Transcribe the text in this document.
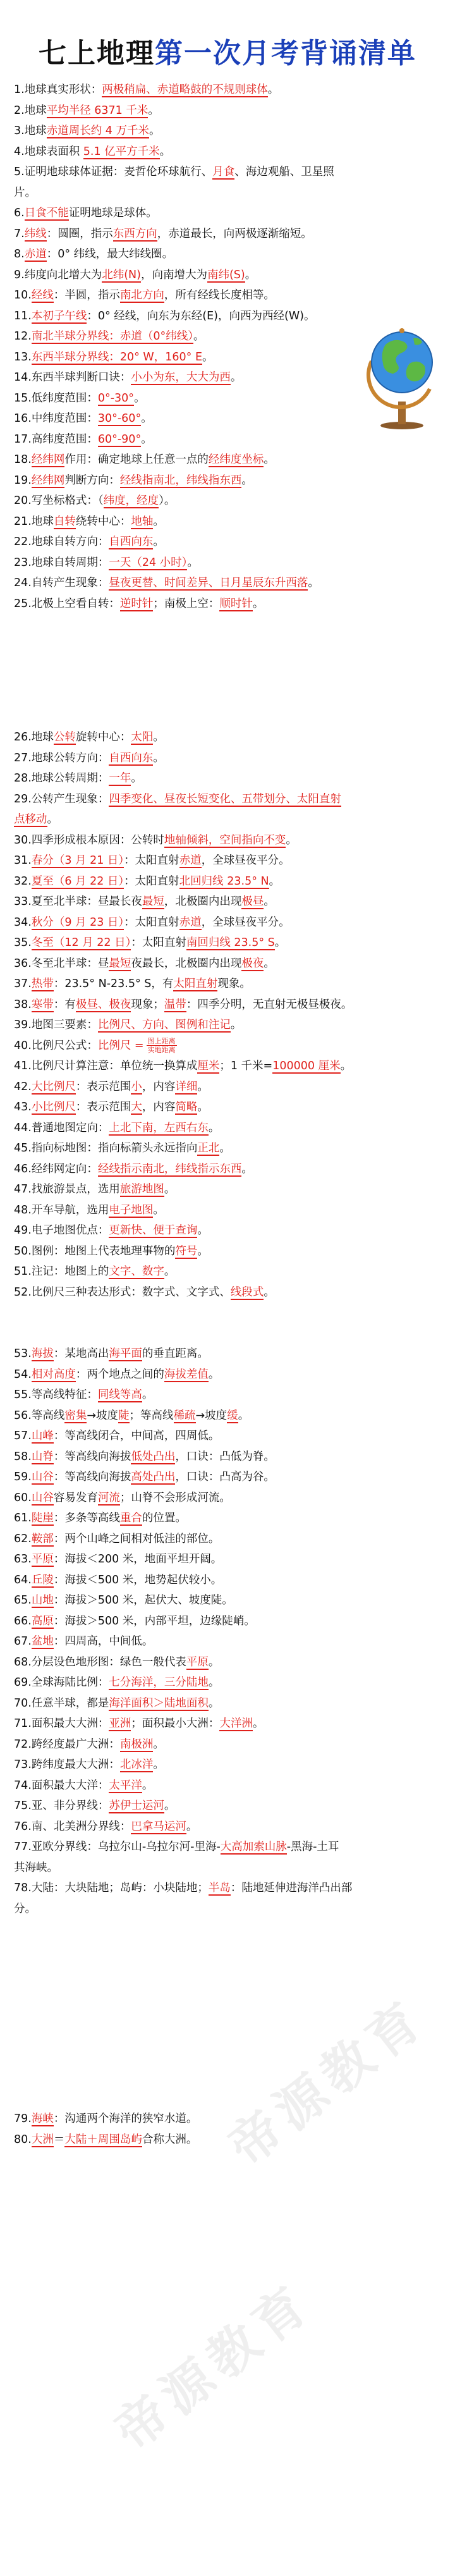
七上地理第一次月考背诵清单
帝源教育
帝源教育
1.地球真实形状：两极稍扁、赤道略鼓的不规则球体。
2.地球平均半径 6371 千米。
3.地球赤道周长约 4 万千米。
4.地球表面积 5.1 亿平方千米。
5.证明地球球体证据：麦哲伦环球航行、月食、海边观船、卫星照
片。
6.日食不能证明地球是球体。
7.纬线：圆圈，指示东西方向，赤道最长，向两极逐渐缩短。
8.赤道：0° 纬线，最大纬线圈。
9.纬度向北增大为北纬(N)，向南增大为南纬(S)。
10.经线：半圆，指示南北方向，所有经线长度相等。
11.本初子午线：0° 经线，向东为东经(E)，向西为西经(W)。
12.南北半球分界线：赤道（0°纬线）。
13.东西半球分界线：20° W，160° E。
14.东西半球判断口诀：小小为东，大大为西。
15.低纬度范围：0°-30°。
16.中纬度范围：30°-60°。
17.高纬度范围：60°-90°。
18.经纬网作用：确定地球上任意一点的经纬度坐标。
19.经纬网判断方向：经线指南北，纬线指东西。
20.写坐标格式：（纬度，经度）。
21.地球自转绕转中心：地轴。
22.地球自转方向：自西向东。
23.地球自转周期：一天（24 小时）。
24.自转产生现象：昼夜更替、时间差异、日月星辰东升西落。
25.北极上空看自转：逆时针；南极上空：顺时针。
26.地球公转旋转中心：太阳。
27.地球公转方向：自西向东。
28.地球公转周期：一年。
29.公转产生现象：四季变化、昼夜长短变化、五带划分、太阳直射
点移动。
30.四季形成根本原因：公转时地轴倾斜，空间指向不变。
31.春分（3 月 21 日）：太阳直射赤道，全球昼夜平分。
32.夏至（6 月 22 日）：太阳直射北回归线 23.5° N。
33.夏至北半球：昼最长夜最短，北极圈内出现极昼。
34.秋分（9 月 23 日）：太阳直射赤道，全球昼夜平分。
35.冬至（12 月 22 日）：太阳直射南回归线 23.5° S。
36.冬至北半球：昼最短夜最长，北极圈内出现极夜。
37.热带：23.5° N-23.5° S，有太阳直射现象。
38.寒带：有极昼、极夜现象；温带：四季分明，无直射无极昼极夜。
39.地图三要素：比例尺、方向、图例和注记。
40.比例尺公式：比例尺 = 图上距离
实地距离
41.比例尺计算注意：单位统一换算成厘米；1 千米=100000 厘米。
42.大比例尺：表示范围小，内容详细。
43.小比例尺：表示范围大，内容简略。
44.普通地图定向：上北下南，左西右东。
45.指向标地图：指向标箭头永远指向正北。
46.经纬网定向：经线指示南北，纬线指示东西。
47.找旅游景点，选用旅游地图。
48.开车导航，选用电子地图。
49.电子地图优点：更新快、便于查询。
50.图例：地图上代表地理事物的符号。
51.注记：地图上的文字、数字。
52.比例尺三种表达形式：数字式、文字式、线段式。
53.海拔：某地高出海平面的垂直距离。
54.相对高度：两个地点之间的海拔差值。
55.等高线特征：同线等高。
56.等高线密集→坡度陡；等高线稀疏→坡度缓。
57.山峰：等高线闭合，中间高，四周低。
58.山脊：等高线向海拔低处凸出，口诀：凸低为脊。
59.山谷：等高线向海拔高处凸出，口诀：凸高为谷。
60.山谷容易发育河流；山脊不会形成河流。
61.陡崖：多条等高线重合的位置。
62.鞍部：两个山峰之间相对低洼的部位。
63.平原：海拔＜200 米，地面平坦开阔。
64.丘陵：海拔＜500 米，地势起伏较小。
65.山地：海拔＞500 米，起伏大、坡度陡。
66.高原：海拔＞500 米，内部平坦，边缘陡峭。
67.盆地：四周高，中间低。
68.分层设色地形图：绿色一般代表平原。
69.全球海陆比例：七分海洋，三分陆地。
70.任意半球，都是海洋面积＞陆地面积。
71.面积最大大洲：亚洲；面积最小大洲：大洋洲。
72.跨经度最广大洲：南极洲。
73.跨纬度最大大洲：北冰洋。
74.面积最大大洋：太平洋。
75.亚、非分界线：苏伊士运河。
76.南、北美洲分界线：巴拿马运河。
77.亚欧分界线：乌拉尔山-乌拉尔河-里海-大高加索山脉-黑海-土耳
其海峡。
78.大陆：大块陆地；岛屿：小块陆地；半岛：陆地延伸进海洋凸出部
分。
79.海峡：沟通两个海洋的狭窄水道。
80.大洲＝大陆＋周围岛屿合称大洲。
